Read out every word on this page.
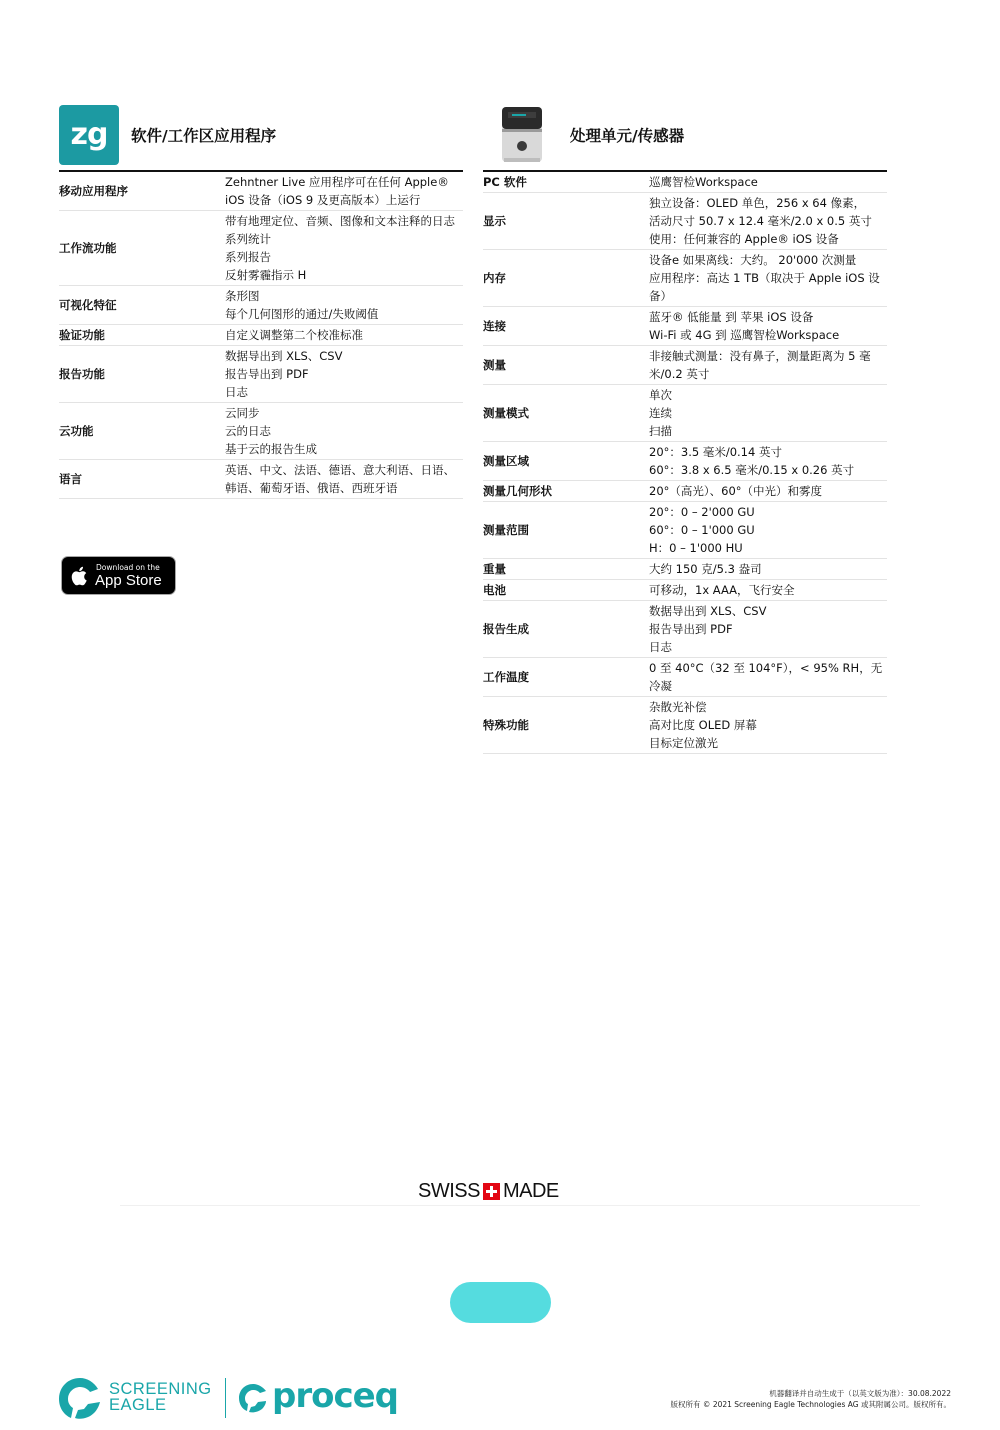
zg	软件/工作区应用程序
移动应用程序	Zehntner Live 应用程序可在任何 Apple® iOS 设备（iOS 9 及更高版本）上运行
工作流功能	带有地理定位、音频、图像和文本注释的日志
系列统计
系列报告
反射雾霾指示 H
可视化特征	条形图
每个几何图形的通过/失败阈值
验证功能	自定义调整第二个校准标准
报告功能	数据导出到 XLS、CSV
报告导出到 PDF
日志
云功能	云同步
云的日志
基于云的报告生成
语言	英语、中文、法语、德语、意大利语、日语、韩语、葡萄牙语、俄语、西班牙语
处理单元/传感器
PC 软件	巡鹰智检Workspace
显示	独立设备：OLED 单色，256 x 64 像素，
活动尺寸 50.7 x 12.4 毫米/2.0 x 0.5 英寸
使用：任何兼容的 Apple® iOS 设备
内存	设备e 如果离线：大约。 20'000 次测量
应用程序：高达 1 TB（取决于 Apple iOS 设备）
连接	蓝牙® 低能量 到 苹果 iOS 设备
Wi-Fi 或 4G 到 巡鹰智检Workspace
测量	非接触式测量：没有鼻子，测量距离为 5 毫米/0.2 英寸
测量模式	单次
连续
扫描
测量区域	20°：3.5 毫米/0.14 英寸
60°：3.8 x 6.5 毫米/0.15 x 0.26 英寸
测量几何形状	20°（高光）、60°（中光）和雾度
测量范围	20°：0 – 2'000 GU
60°：0 – 1'000 GU
H：0 – 1'000 HU
重量	大约 150 克/5.3 盎司
电池	可移动，1x AAA，飞行安全
报告生成	数据导出到 XLS、CSV
报告导出到 PDF
日志
工作温度	0 至 40°C（32 至 104°F），< 95% RH，无冷凝
特殊功能	杂散光补偿
高对比度 OLED 屏幕
目标定位激光
Download on the
App Store
SWISS MADE
SCREENING
EAGLE	proceq	机器翻译并自动生成于（以英文版为准）：30.08.2022
版权所有 © 2021 Screening Eagle Technologies AG 或其附属公司。版权所有。
